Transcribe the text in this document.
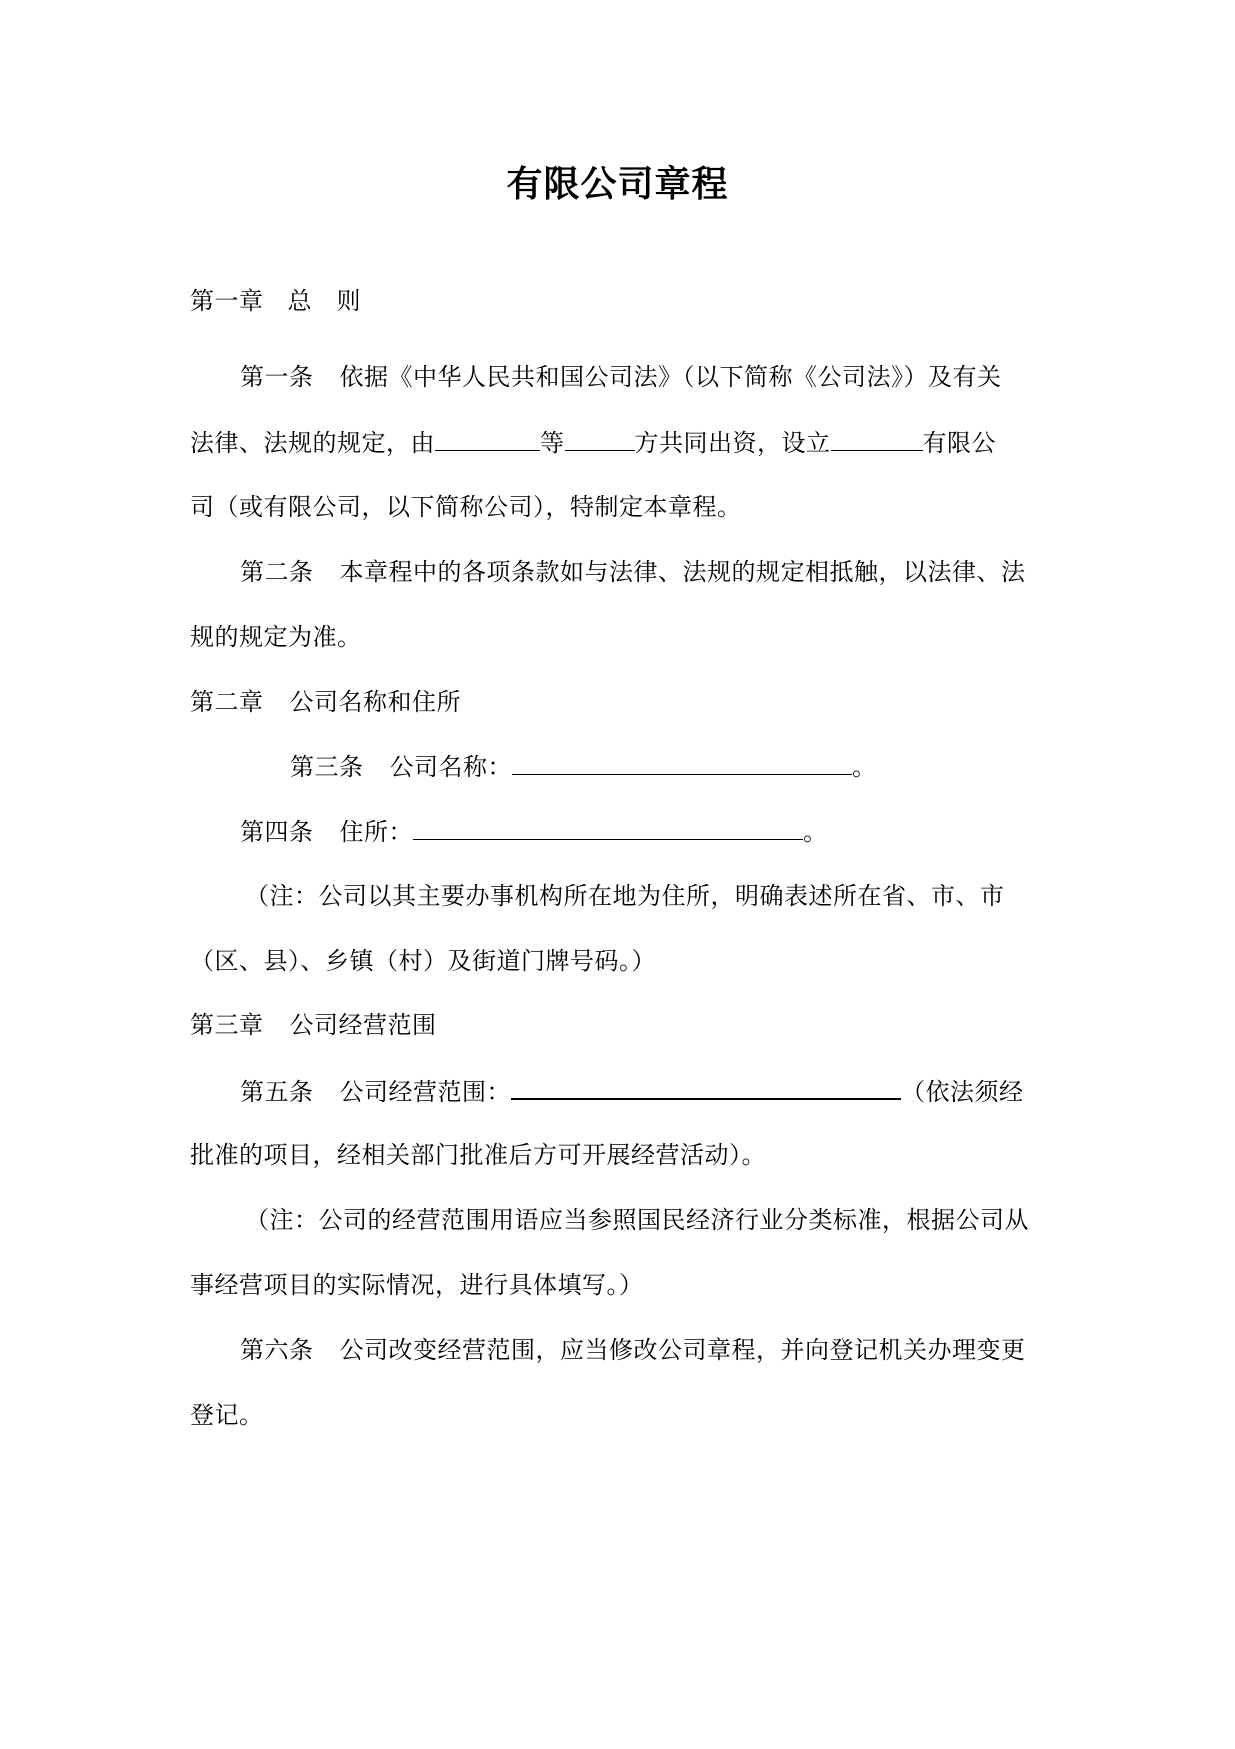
有限公司章程
第一章 总　则
第一条 依据《中华人民共和国公司法》（以下简称《公司法》）及有关
法律、法规的规定，由	等	方共同出资，设立	有限公
司（或有限公司，以下简称公司），特制定本章程。
第二条 本章程中的各项条款如与法律、法规的规定相抵触，以法律、法
规的规定为准。
第二章 公司名称和住所
第三条 公司名称：	。
第四条 住所：	。
（注：公司以其主要办事机构所在地为住所，明确表述所在省、市、市
（区、县）、乡镇（村）及街道门牌号码。）
第三章 公司经营范围
第五条 公司经营范围：	（依法须经
批准的项目，经相关部门批准后方可开展经营活动）。
（注：公司的经营范围用语应当参照国民经济行业分类标准，根据公司从
事经营项目的实际情况，进行具体填写。）
第六条 公司改变经营范围，应当修改公司章程，并向登记机关办理变更
登记。
